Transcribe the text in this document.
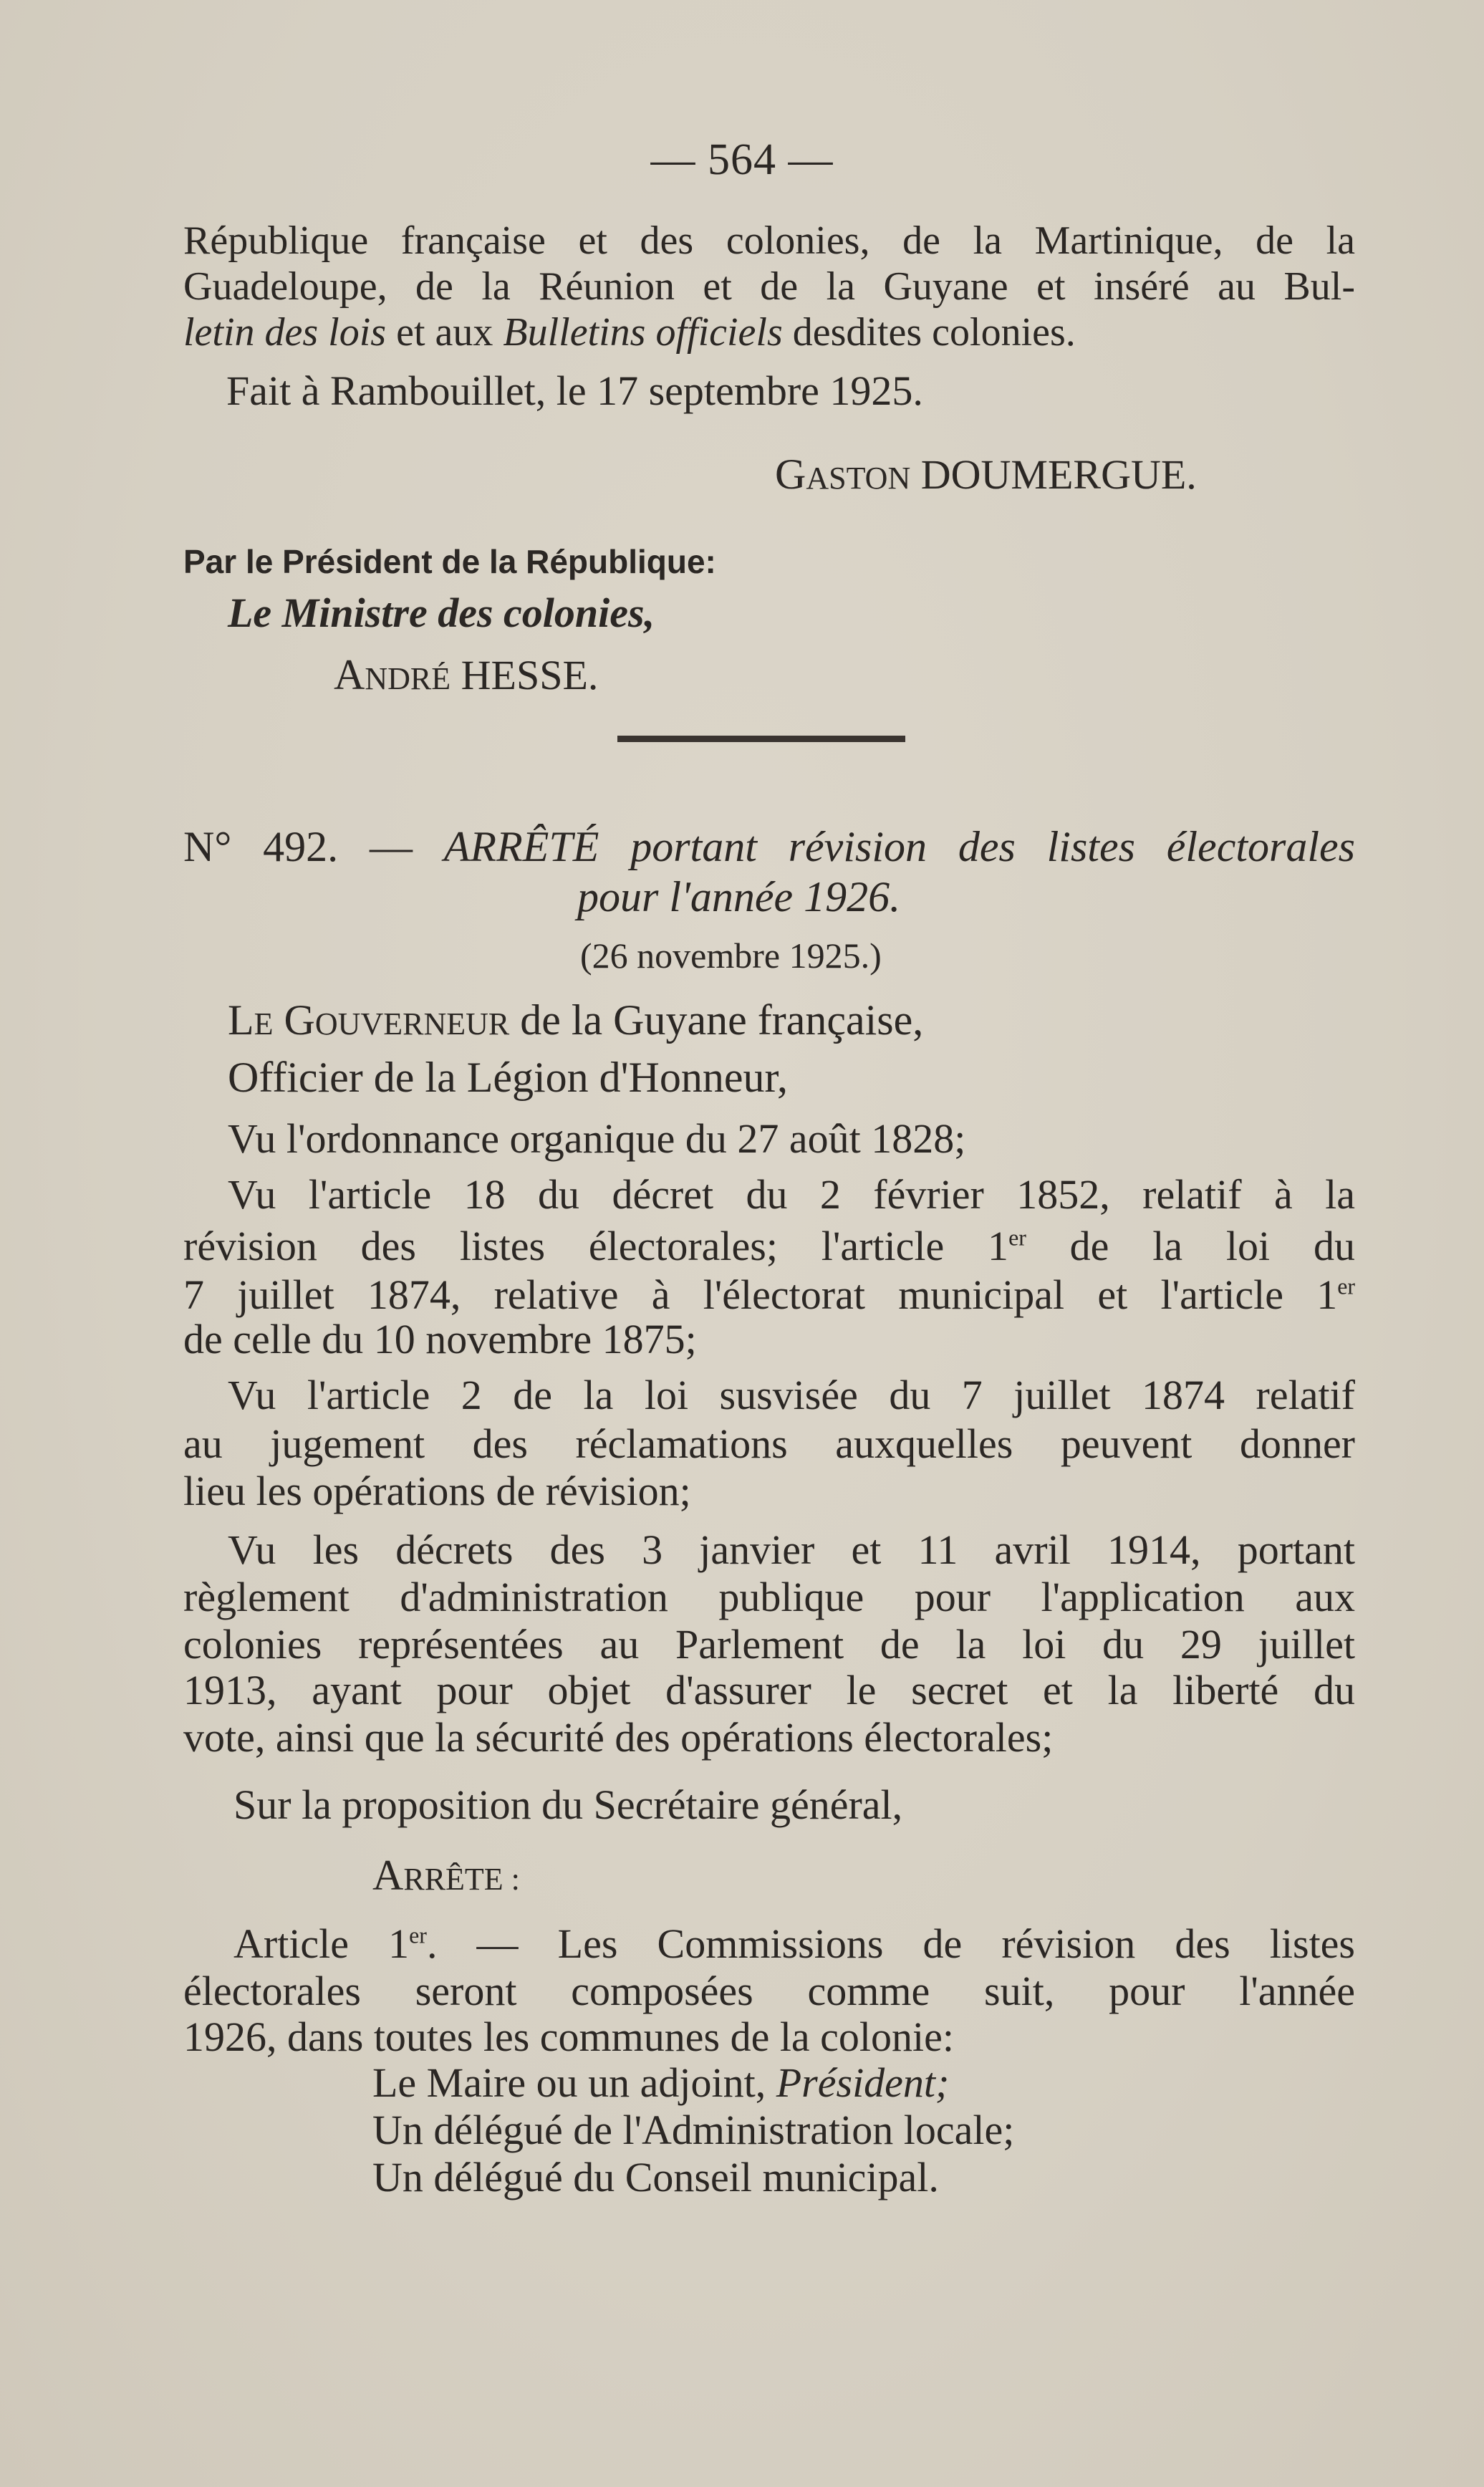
— 564 —
République française et des colonies, de la Martinique, de la
Guadeloupe, de la Réunion et de la Guyane et inséré au Bul-
letin des lois et aux Bulletins officiels desdites colonies.
Fait à Rambouillet, le 17 septembre 1925.
GASTON DOUMERGUE.
Par le Président de la République:
Le Ministre des colonies,
ANDRÉ HESSE.
N° 492. — ARRÊTÉ portant révision des listes électorales
pour l'année 1926.
(26 novembre 1925.)
LE GOUVERNEUR de la Guyane française,
Officier de la Légion d'Honneur,
Vu l'ordonnance organique du 27 août 1828;
Vu l'article 18 du décret du 2 février 1852, relatif à la
révision des listes électorales; l'article 1er de la loi du
7 juillet 1874, relative à l'électorat municipal et l'article 1er
de celle du 10 novembre 1875;
Vu l'article 2 de la loi susvisée du 7 juillet 1874 relatif
au jugement des réclamations auxquelles peuvent donner
lieu les opérations de révision;
Vu les décrets des 3 janvier et 11 avril 1914, portant
règlement d'administration publique pour l'application aux
colonies représentées au Parlement de la loi du 29 juillet
1913, ayant pour objet d'assurer le secret et la liberté du
vote, ainsi que la sécurité des opérations électorales;
Sur la proposition du Secrétaire général,
ARRÊTE :
Article 1er. — Les Commissions de révision des listes
électorales seront composées comme suit, pour l'année
1926, dans toutes les communes de la colonie:
Le Maire ou un adjoint, Président;
Un délégué de l'Administration locale;
Un délégué du Conseil municipal.
